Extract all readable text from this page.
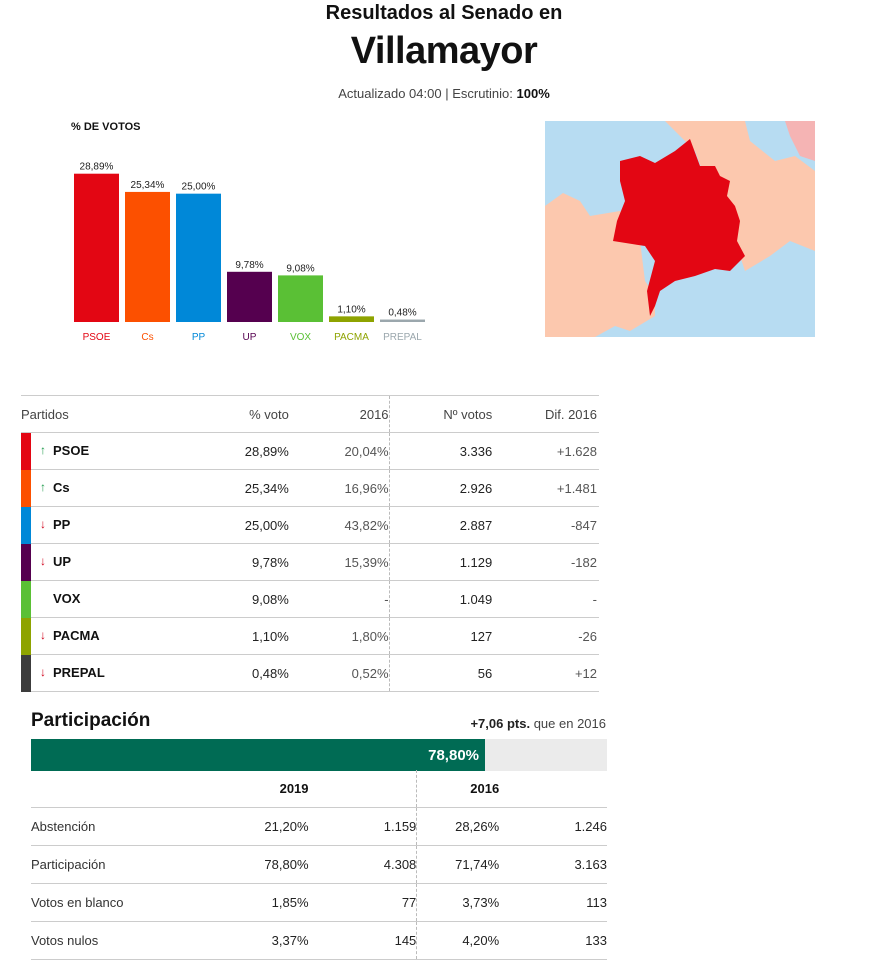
Resultados al Senado en
Villamayor
Actualizado 04:00 | Escrutinio: 100%
% DE VOTOS
28,89%
PSOE
25,34%
Cs
25,00%
PP
9,78%
UP
9,08%
VOX
1,10%
PACMA
0,48%
PREPAL
Partidos	% voto	2016	Nº votos	Dif. 2016

↑ PSOE	28,89%	20,04%	3.336	+1.628

↑ Cs	25,34%	16,96%	2.926	+1.481

↓ PP	25,00%	43,82%	2.887	-847

↓ UP	9,78%	15,39%	1.129	-182

VOX	9,08%	-	1.049	-

↓ PACMA	1,10%	1,80%	127	-26

↓ PREPAL	0,48%	0,52%	56	+12
Participación	+7,06 pts. que en 2016
78,80%
	2019		2016	
Abstención	21,20%	1.159	28,26%	1.246
Participación	78,80%	4.308	71,74%	3.163
Votos en blanco	1,85%	77	3,73%	113
Votos nulos	3,37%	145	4,20%	133
